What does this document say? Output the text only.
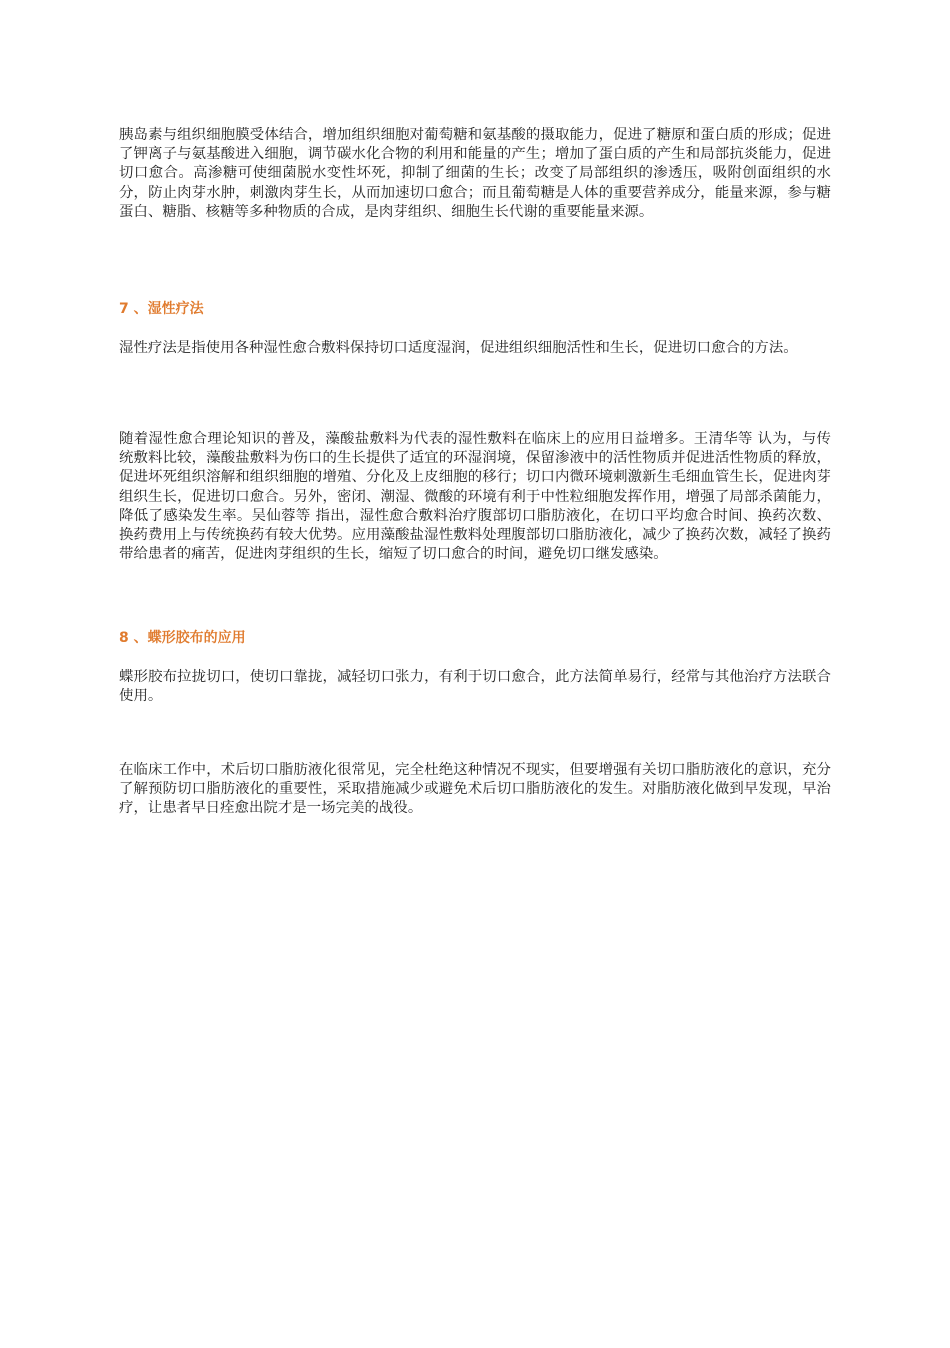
胰岛素与组织细胞膜受体结合，增加组织细胞对葡萄糖和氨基酸的摄取能力，促进了糖原和蛋白质的形成；促进了钾离子与氨基酸进入细胞，调节碳水化合物的利用和能量的产生；增加了蛋白质的产生和局部抗炎能力，促进切口愈合。高渗糖可使细菌脱水变性坏死，抑制了细菌的生长；改变了局部组织的渗透压，吸附创面组织的水分，防止肉芽水肿，刺激肉芽生长，从而加速切口愈合；而且葡萄糖是人体的重要营养成分，能量来源，参与糖蛋白、糖脂、核糖等多种物质的合成，是肉芽组织、细胞生长代谢的重要能量来源。

7 、湿性疗法

湿性疗法是指使用各种湿性愈合敷料保持切口适度湿润，促进组织细胞活性和生长，促进切口愈合的方法。

随着湿性愈合理论知识的普及，藻酸盐敷料为代表的湿性敷料在临床上的应用日益增多。王清华等 认为，与传统敷料比较，藻酸盐敷料为伤口的生长提供了适宜的环湿润境，保留渗液中的活性物质并促进活性物质的释放，促进坏死组织溶解和组织细胞的增殖、分化及上皮细胞的移行；切口内微环境刺激新生毛细血管生长，促进肉芽组织生长，促进切口愈合。另外，密闭、潮湿、微酸的环境有利于中性粒细胞发挥作用，增强了局部杀菌能力，降低了感染发生率。吴仙蓉等 指出，湿性愈合敷料治疗腹部切口脂肪液化，在切口平均愈合时间、换药次数、换药费用上与传统换药有较大优势。应用藻酸盐湿性敷料处理腹部切口脂肪液化，减少了换药次数，减轻了换药带给患者的痛苦，促进肉芽组织的生长，缩短了切口愈合的时间，避免切口继发感染。

8 、蝶形胶布的应用

蝶形胶布拉拢切口，使切口靠拢，减轻切口张力，有利于切口愈合，此方法简单易行，经常与其他治疗方法联合使用。

在临床工作中，术后切口脂肪液化很常见，完全杜绝这种情况不现实，但要增强有关切口脂肪液化的意识，充分了解预防切口脂肪液化的重要性，采取措施减少或避免术后切口脂肪液化的发生。对脂肪液化做到早发现，早治疗，让患者早日痊愈出院才是一场完美的战役。
